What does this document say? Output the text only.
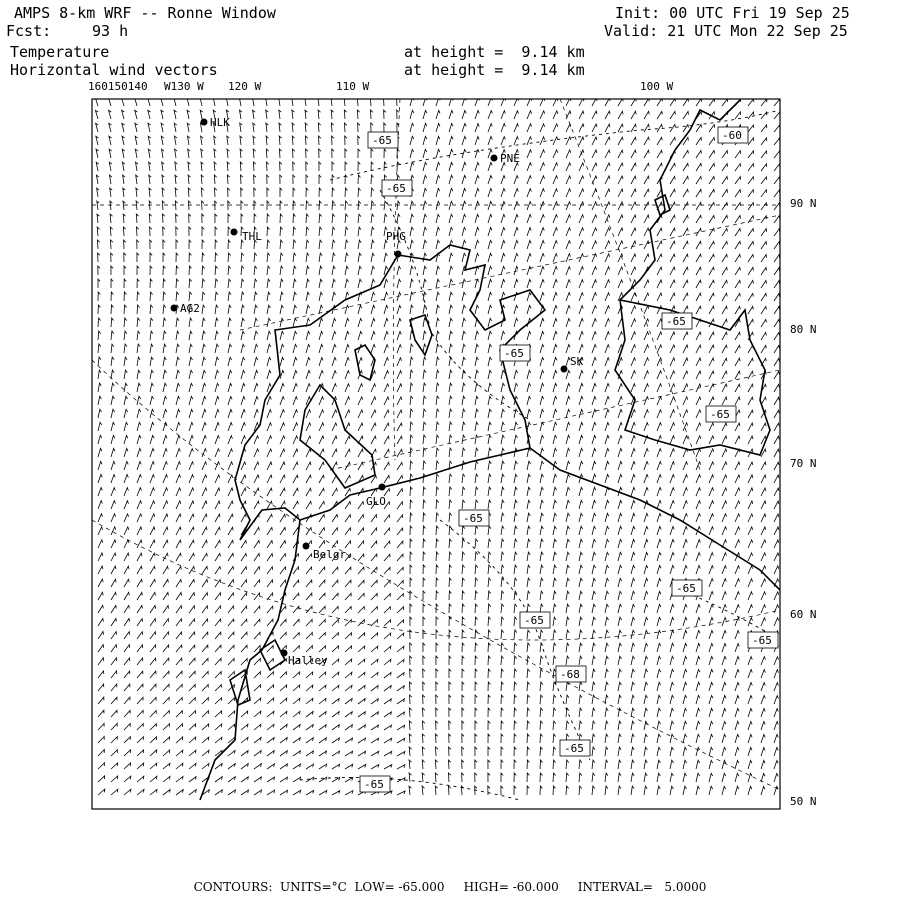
AMPS 8-km WRF -- Ronne Window
Fcst:	93 h
Init: 00 UTC Fri 19 Sep 25
Valid: 21 UTC Mon 22 Sep 25
Temperature	at height =  9.14 km
Horizontal wind vectors	at height =  9.14 km
HLK
PNE
THL	PHG
AG2
SK
GLO
Belgr.
Halley
-65	-60
-65
-65
-65
-65
-65
-65
-65
-65
-65
-68
-65
160150140 W130 W 120 W	110 W	100 W
90 N
80 N
70 N
60 N
50 N
CONTOURS:  UNITS=°C  LOW= -65.000     HIGH= -60.000     INTERVAL=   5.0000
